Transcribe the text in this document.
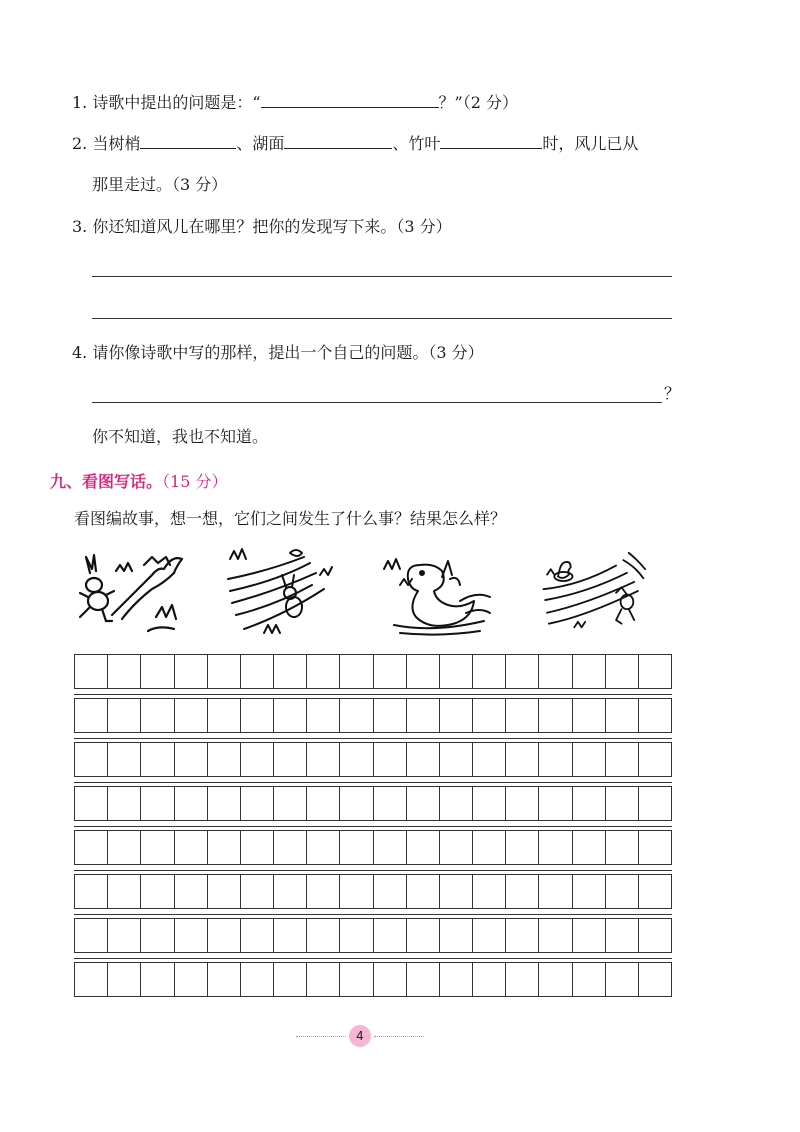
1. 诗歌中提出的问题是：“	？”（2 分）
2. 当树梢	、湖面	、竹叶	时，风儿已从
那里走过。（3 分）
3. 你还知道风儿在哪里？把你的发现写下来。（3 分）
4. 请你像诗歌中写的那样，提出一个自己的问题。（3 分）
？
你不知道，我也不知道。
九、看图写话。（15 分）
看图编故事，想一想，它们之间发生了什么事？结果怎么样？
4
